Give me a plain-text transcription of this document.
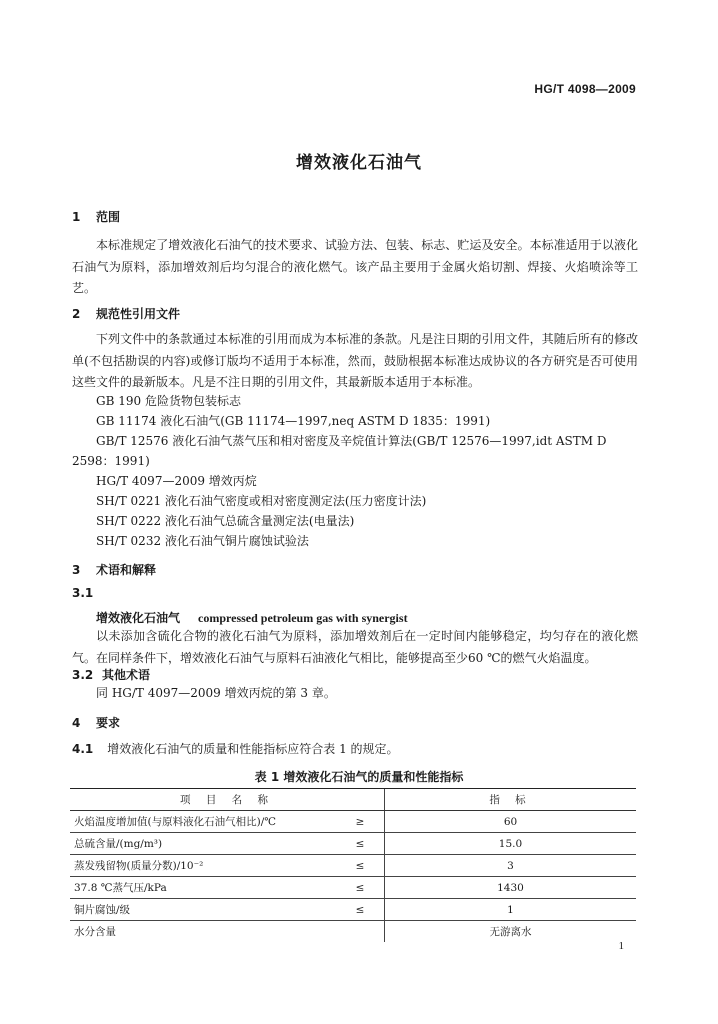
HG/T 4098—2009
增效液化石油气
1 范围
本标准规定了增效液化石油气的技术要求、试验方法、包装、标志、贮运及安全。本标准适用于以液化石油气为原料，添加增效剂后均匀混合的液化燃气。该产品主要用于金属火焰切割、焊接、火焰喷涂等工艺。
2 规范性引用文件
下列文件中的条款通过本标准的引用而成为本标准的条款。凡是注日期的引用文件，其随后所有的修改单(不包括勘误的内容)或修订版均不适用于本标准，然而，鼓励根据本标准达成协议的各方研究是否可使用这些文件的最新版本。凡是不注日期的引用文件，其最新版本适用于本标准。
GB 190 危险货物包装标志
GB 11174 液化石油气(GB 11174—1997,neq ASTM D 1835：1991)
GB/T 12576 液化石油气蒸气压和相对密度及辛烷值计算法(GB/T 12576—1997,idt ASTM D
2598：1991)
HG/T 4097—2009 增效丙烷
SH/T 0221 液化石油气密度或相对密度测定法(压力密度计法)
SH/T 0222 液化石油气总硫含量测定法(电量法)
SH/T 0232 液化石油气铜片腐蚀试验法
3 术语和解释
3.1
增效液化石油气 compressed petroleum gas with synergist
以未添加含硫化合物的液化石油气为原料，添加增效剂后在一定时间内能够稳定，均匀存在的液化燃气。在同样条件下，增效液化石油气与原料石油液化气相比，能够提高至少60 ℃的燃气火焰温度。
3.2 其他术语
同 HG/T 4097—2009 增效丙烷的第 3 章。
4 要求
4.1 增效液化石油气的质量和性能指标应符合表 1 的规定。
表 1 增效液化石油气的质量和性能指标
项 目 名 称		指 标
火焰温度增加值(与原料液化石油气相比)/℃	≥	60
总硫含量/(mg/m³)	≤	15.0
蒸发残留物(质量分数)/10⁻²	≤	3
37.8 ℃蒸气压/kPa	≤	1430
铜片腐蚀/级	≤	1
水分含量		无游离水
1
